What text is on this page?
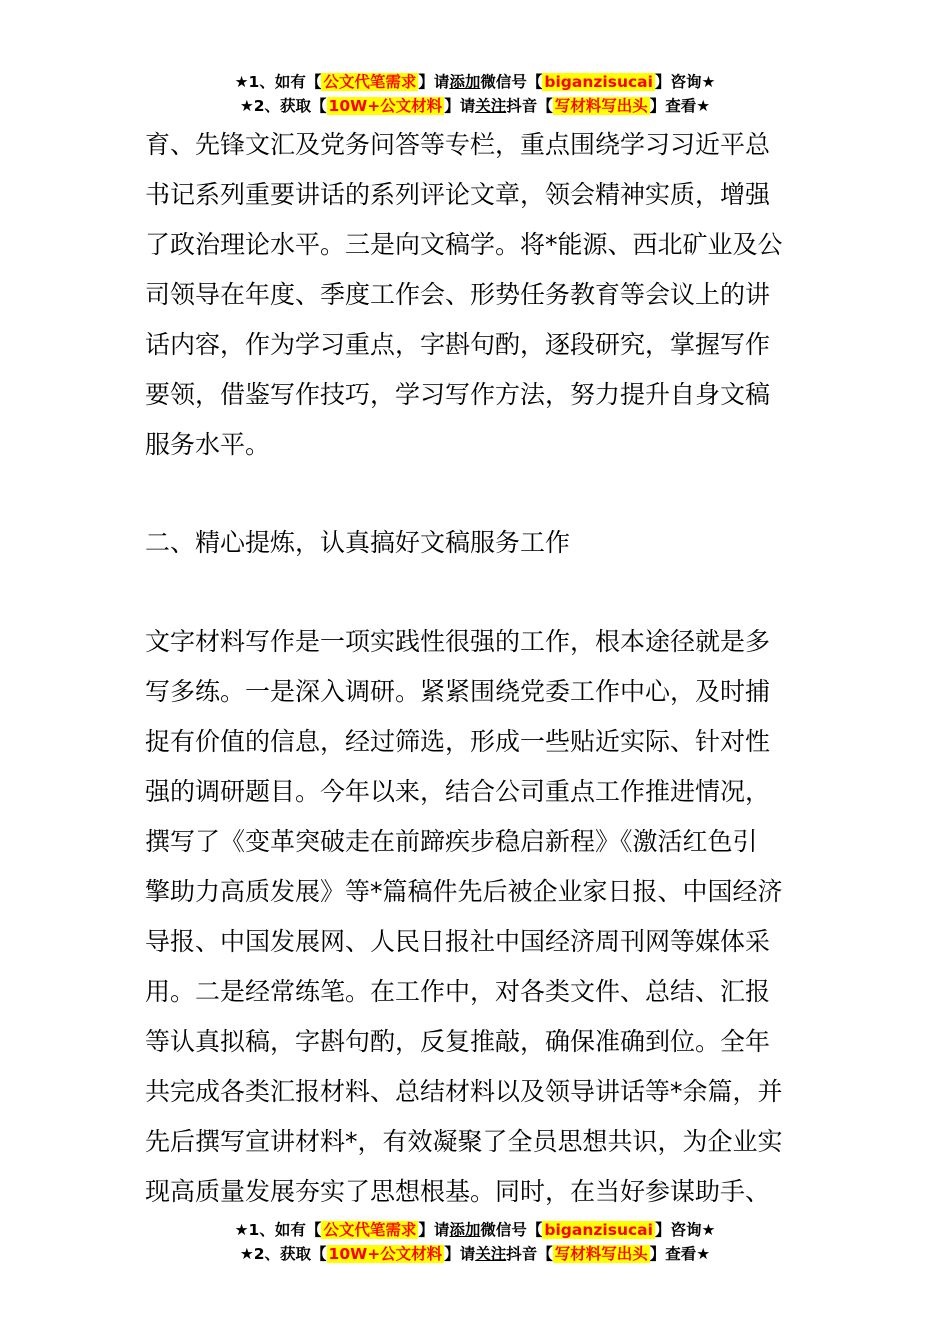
★1、如有【 公文代笔需求 】请添加微信号【 biganzisucai 】咨询★
★2、获取【 10W+公文材料 】请关注抖音【 写材料写出头 】查看★
育、先锋文汇及党务问答等专栏，重点围绕学习习近平总
书记系列重要讲话的系列评论文章，领会精神实质，增强
了政治理论水平。三是向文稿学。将*能源、西北矿业及公
司领导在年度、季度工作会、形势任务教育等会议上的讲
话内容，作为学习重点，字斟句酌，逐段研究，掌握写作
要领，借鉴写作技巧，学习写作方法，努力提升自身文稿
服务水平。
二、精心提炼，认真搞好文稿服务工作
文字材料写作是一项实践性很强的工作，根本途径就是多
写多练。一是深入调研。紧紧围绕党委工作中心，及时捕
捉有价值的信息，经过筛选，形成一些贴近实际、针对性
强的调研题目。今年以来，结合公司重点工作推进情况，
撰写了《变革突破走在前蹄疾步稳启新程》《激活红色引
擎助力高质发展》等*篇稿件先后被企业家日报、中国经济
导报、中国发展网、人民日报社中国经济周刊网等媒体采
用。二是经常练笔。在工作中，对各类文件、总结、汇报
等认真拟稿，字斟句酌，反复推敲，确保准确到位。全年
共完成各类汇报材料、总结材料以及领导讲话等*余篇，并
先后撰写宣讲材料*，有效凝聚了全员思想共识，为企业实
现高质量发展夯实了思想根基。同时，在当好参谋助手、
★1、如有【 公文代笔需求 】请添加微信号【 biganzisucai 】咨询★
★2、获取【 10W+公文材料 】请关注抖音【 写材料写出头 】查看★
